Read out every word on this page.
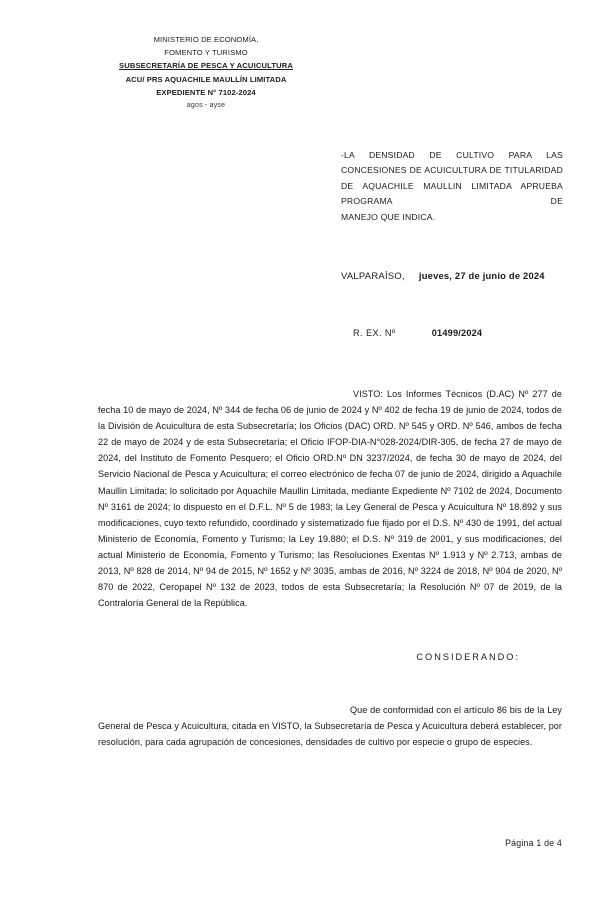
MINISTERIO DE ECONOMÍA,
FOMENTO Y TURISMO
SUBSECRETARÍA DE PESCA Y ACUICULTURA
ACU/ PRS AQUACHILE MAULLÍN LIMITADA
EXPEDIENTE N° 7102-2024
agos - ayse
-LA DENSIDAD DE CULTIVO PARA LAS CONCESIONES DE ACUICULTURA DE TITULARIDAD DE AQUACHILE MAULLIN LIMITADA APRUEBA PROGRAMA DE
MANEJO QUE INDICA.
VALPARAÍSO, jueves, 27 de junio de 2024
R. EX. Nº	01499/2024
VISTO: Los Informes Técnicos (D.AC) Nº 277 de fecha 10 de mayo de 2024, Nº 344 de fecha 06 de junio de 2024 y Nº 402 de fecha 19 de junio de 2024, todos de la División de Acuicultura de esta Subsecretaría; los Oficios (DAC) ORD. Nº 545 y ORD. Nº 546, ambos de fecha 22 de mayo de 2024 y de esta Subsecretaría; el Oficio IFOP-DIA-N°028-2024/DIR-305, de fecha 27 de mayo de 2024, del Instituto de Fomento Pesquero; el Oficio ORD.Nº DN 3237/2024, de fecha 30 de mayo de 2024, del Servicio Nacional de Pesca y Acuicultura; el correo electrónico de fecha 07 de junio de 2024, dirigido a Aquachile Maullin Limitada; lo solicitado por Aquachile Maullin Limitada, mediante Expediente Nº 7102 de 2024, Documento Nº 3161 de 2024; lo dispuesto en el D.F.L. Nº 5 de 1983; la Ley General de Pesca y Acuicultura Nº 18.892 y sus modificaciones, cuyo texto refundido, coordinado y sistematizado fue fijado por el D.S. Nº 430 de 1991, del actual Ministerio de Economía, Fomento y Turismo; la Ley 19.880; el D.S. Nº 319 de 2001, y sus modificaciones, del actual Ministerio de Economía, Fomento y Turismo; las Resoluciones Exentas Nº 1.913 y Nº 2.713, ambas de 2013, Nº 828 de 2014, Nº 94 de 2015, Nº 1652 y Nº 3035, ambas de 2016, Nº 3224 de 2018, Nº 904 de 2020, Nº 870 de 2022, Ceropapel Nº 132 de 2023, todos de esta Subsecretaría; la Resolución Nº 07 de 2019, de la Contraloría General de la República.
CONSIDERANDO:
Que de conformidad con el artículo 86 bis de la Ley General de Pesca y Acuicultura, citada en VISTO, la Subsecretaría de Pesca y Acuicultura deberá establecer, por resolución, para cada agrupación de concesiones, densidades de cultivo por especie o grupo de especies.
Página 1 de 4
